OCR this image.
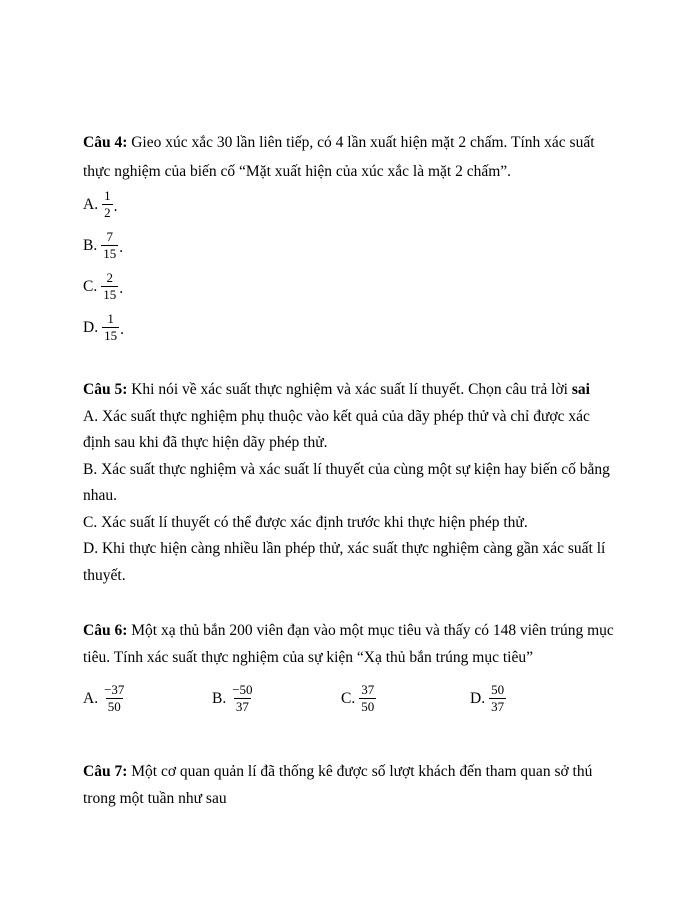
Câu 4: Gieo xúc xắc 30 lần liên tiếp, có 4 lần xuất hiện mặt 2 chấm. Tính xác suất
thực nghiệm của biến cố “Mặt xuất hiện của xúc xắc là mặt 2 chấm”.
A. $\frac{1}{2}$ .
B. $\frac{7}{15}$ .
C. $\frac{2}{15}$ .
D. $\frac{1}{15}$ .
Câu 5: Khi nói về xác suất thực nghiệm và xác suất lí thuyết. Chọn câu trả lời sai
A. Xác suất thực nghiệm phụ thuộc vào kết quả của dãy phép thử và chỉ được xác
định sau khi đã thực hiện dãy phép thử.
B. Xác suất thực nghiệm và xác suất lí thuyết của cùng một sự kiện hay biến cố bằng
nhau.
C. Xác suất lí thuyết có thể được xác định trước khi thực hiện phép thử.
D. Khi thực hiện càng nhiều lần phép thử, xác suất thực nghiệm càng gần xác suất lí
thuyết.
Câu 6: Một xạ thủ bắn 200 viên đạn vào một mục tiêu và thấy có 148 viên trúng mục
tiêu. Tính xác suất thực nghiệm của sự kiện “Xạ thủ bắn trúng mục tiêu”
A. $\frac{-37}{50}$	B. $\frac{-50}{37}$	C. $\frac{37}{50}$	D. $\frac{50}{37}$
Câu 7: Một cơ quan quản lí đã thống kê được số lượt khách đến tham quan sở thú
trong một tuần như sau
